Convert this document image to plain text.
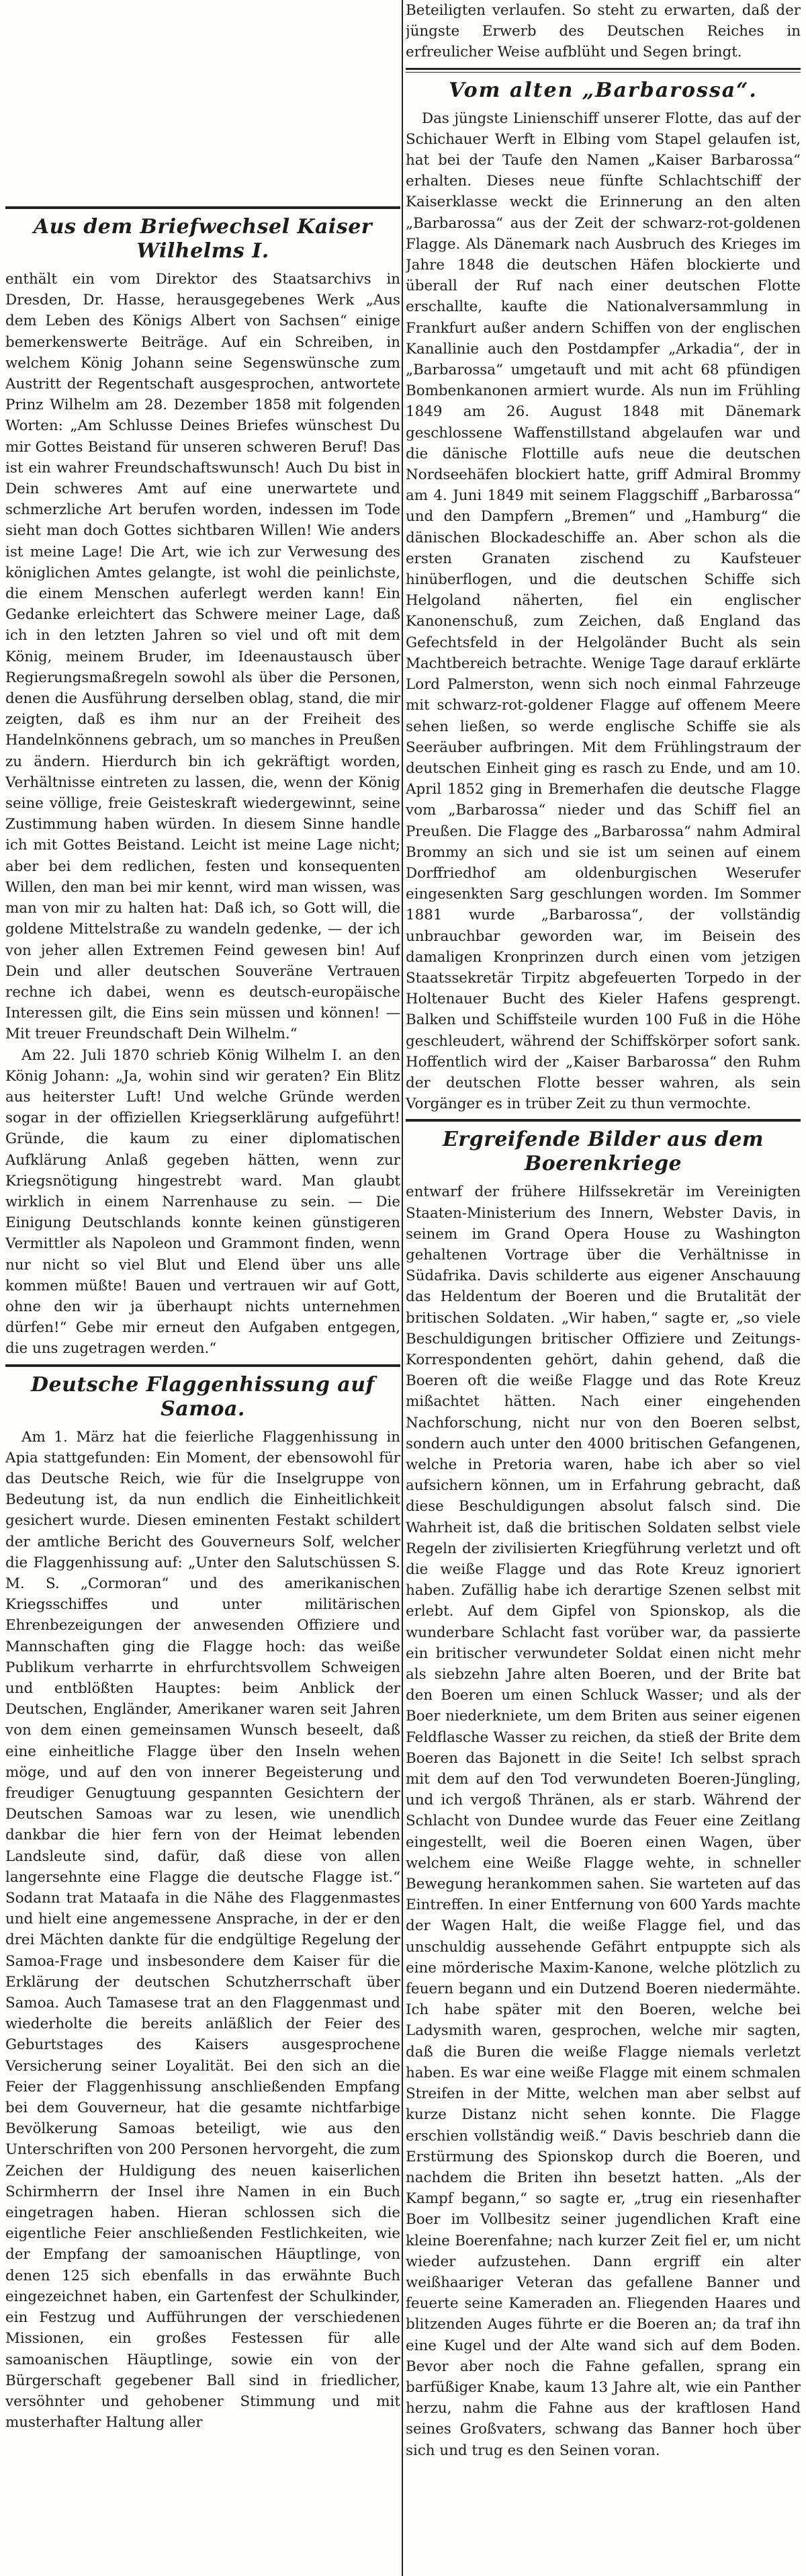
Aus dem Briefwechsel Kaiser Wilhelms I.

enthält ein vom Direktor des Staatsarchivs in Dresden, Dr. Hasse, herausgegebenes Werk „Aus dem Leben des Königs Albert von Sachsen“ einige bemerkenswerte Beiträge. Auf ein Schreiben, in welchem König Johann seine Segenswünsche zum Austritt der Regentschaft ausgesprochen, antwortete Prinz Wilhelm am 28. Dezember 1858 mit folgenden Worten: „Am Schlusse Deines Briefes wünschest Du mir Gottes Beistand für unseren schweren Beruf! Das ist ein wahrer Freundschaftswunsch! Auch Du bist in Dein schweres Amt auf eine unerwartete und schmerzliche Art berufen worden, indessen im Tode sieht man doch Gottes sichtbaren Willen! Wie anders ist meine Lage! Die Art, wie ich zur Verwesung des königlichen Amtes gelangte, ist wohl die peinlichste, die einem Menschen auferlegt werden kann! Ein Gedanke erleichtert das Schwere meiner Lage, daß ich in den letzten Jahren so viel und oft mit dem König, meinem Bruder, im Ideenaustausch über Regierungsmaßregeln sowohl als über die Personen, denen die Ausführung derselben oblag, stand, die mir zeigten, daß es ihm nur an der Freiheit des Handelnkönnens gebrach, um so manches in Preußen zu ändern. Hierdurch bin ich gekräftigt worden, Verhältnisse eintreten zu lassen, die, wenn der König seine völlige, freie Geisteskraft wiedergewinnt, seine Zustimmung haben würden. In diesem Sinne handle ich mit Gottes Beistand. Leicht ist meine Lage nicht; aber bei dem redlichen, festen und konsequenten Willen, den man bei mir kennt, wird man wissen, was man von mir zu halten hat: Daß ich, so Gott will, die goldene Mittelstraße zu wandeln gedenke, — der ich von jeher allen Extremen Feind gewesen bin! Auf Dein und aller deutschen Souveräne Vertrauen rechne ich dabei, wenn es deutsch-europäische Interessen gilt, die Eins sein müssen und können! — Mit treuer Freundschaft Dein Wilhelm.“

Am 22. Juli 1870 schrieb König Wilhelm I. an den König Johann: „Ja, wohin sind wir geraten? Ein Blitz aus heiterster Luft! Und welche Gründe werden sogar in der offiziellen Kriegserklärung aufgeführt! Gründe, die kaum zu einer diplomatischen Aufklärung Anlaß gegeben hätten, wenn zur Kriegsnötigung hingestrebt ward. Man glaubt wirklich in einem Narrenhause zu sein. — Die Einigung Deutschlands konnte keinen günstigeren Vermittler als Napoleon und Grammont finden, wenn nur nicht so viel Blut und Elend über uns alle kommen müßte! Bauen und vertrauen wir auf Gott, ohne den wir ja überhaupt nichts unternehmen dürfen!“ Gebe mir erneut den Aufgaben entgegen, die uns zugetragen werden.“

Deutsche Flaggenhissung auf Samoa.

Am 1. März hat die feierliche Flaggenhissung in Apia stattgefunden: Ein Moment, der ebensowohl für das Deutsche Reich, wie für die Inselgruppe von Bedeutung ist, da nun endlich die Einheitlichkeit gesichert wurde. Diesen eminenten Festakt schildert der amtliche Bericht des Gouverneurs Solf, welcher die Flaggenhissung auf: „Unter den Salutschüssen S. M. S. „Cormoran“ und des amerikanischen Kriegsschiffes und unter militärischen Ehrenbezeigungen der anwesenden Offiziere und Mannschaften ging die Flagge hoch: das weiße Publikum verharrte in ehrfurchtsvollem Schweigen und entblößten Hauptes: beim Anblick der Deutschen, Engländer, Amerikaner waren seit Jahren von dem einen gemeinsamen Wunsch beseelt, daß eine einheitliche Flagge über den Inseln wehen möge, und auf den von innerer Begeisterung und freudiger Genugtuung gespannten Gesichtern der Deutschen Samoas war zu lesen, wie unendlich dankbar die hier fern von der Heimat lebenden Landsleute sind, dafür, daß diese von allen langersehnte eine Flagge die deutsche Flagge ist.“ Sodann trat Mataafa in die Nähe des Flaggenmastes und hielt eine angemessene Ansprache, in der er den drei Mächten dankte für die endgültige Regelung der Samoa-Frage und insbesondere dem Kaiser für die Erklärung der deutschen Schutzherrschaft über Samoa. Auch Tamasese trat an den Flaggenmast und wiederholte die bereits anläßlich der Feier des Geburtstages des Kaisers ausgesprochene Versicherung seiner Loyalität. Bei den sich an die Feier der Flaggenhissung anschließenden Empfang bei dem Gouverneur, hat die gesamte nichtfarbige Bevölkerung Samoas beteiligt, wie aus den Unterschriften von 200 Personen hervorgeht, die zum Zeichen der Huldigung des neuen kaiserlichen Schirmherrn der Insel ihre Namen in ein Buch eingetragen haben. Hieran schlossen sich die eigentliche Feier anschließenden Festlichkeiten, wie der Empfang der samoanischen Häuptlinge, von denen 125 sich ebenfalls in das erwähnte Buch eingezeichnet haben, ein Gartenfest der Schulkinder, ein Festzug und Aufführungen der verschiedenen Missionen, ein großes Festessen für alle samoanischen Häuptlinge, sowie ein von der Bürgerschaft gegebener Ball sind in friedlicher, versöhnter und gehobener Stimmung und mit musterhafter Haltung aller

Beteiligten verlaufen. So steht zu erwarten, daß der jüngste Erwerb des Deutschen Reiches in erfreulicher Weise aufblüht und Segen bringt.

Vom alten „Barbarossa“.

Das jüngste Linienschiff unserer Flotte, das auf der Schichauer Werft in Elbing vom Stapel gelaufen ist, hat bei der Taufe den Namen „Kaiser Barbarossa“ erhalten. Dieses neue fünfte Schlachtschiff der Kaiserklasse weckt die Erinnerung an den alten „Barbarossa“ aus der Zeit der schwarz-rot-goldenen Flagge. Als Dänemark nach Ausbruch des Krieges im Jahre 1848 die deutschen Häfen blockierte und überall der Ruf nach einer deutschen Flotte erschallte, kaufte die Nationalversammlung in Frankfurt außer andern Schiffen von der englischen Kanallinie auch den Postdampfer „Arkadia“, der in „Barbarossa“ umgetauft und mit acht 68 pfündigen Bombenkanonen armiert wurde. Als nun im Frühling 1849 am 26. August 1848 mit Dänemark geschlossene Waffenstillstand abgelaufen war und die dänische Flottille aufs neue die deutschen Nordseehäfen blockiert hatte, griff Admiral Brommy am 4. Juni 1849 mit seinem Flaggschiff „Barbarossa“ und den Dampfern „Bremen“ und „Hamburg“ die dänischen Blockadeschiffe an. Aber schon als die ersten Granaten zischend zu Kaufsteuer hinüberflogen, und die deutschen Schiffe sich Helgoland näherten, fiel ein englischer Kanonenschuß, zum Zeichen, daß England das Gefechtsfeld in der Helgoländer Bucht als sein Machtbereich betrachte. Wenige Tage darauf erklärte Lord Palmerston, wenn sich noch einmal Fahrzeuge mit schwarz-rot-goldener Flagge auf offenem Meere sehen ließen, so werde englische Schiffe sie als Seeräuber aufbringen. Mit dem Frühlingstraum der deutschen Einheit ging es rasch zu Ende, und am 10. April 1852 ging in Bremerhafen die deutsche Flagge vom „Barbarossa“ nieder und das Schiff fiel an Preußen. Die Flagge des „Barbarossa“ nahm Admiral Brommy an sich und sie ist um seinen auf einem Dorffriedhof am oldenburgischen Weserufer eingesenkten Sarg geschlungen worden. Im Sommer 1881 wurde „Barbarossa“, der vollständig unbrauchbar geworden war, im Beisein des damaligen Kronprinzen durch einen vom jetzigen Staatssekretär Tirpitz abgefeuerten Torpedo in der Holtenauer Bucht des Kieler Hafens gesprengt. Balken und Schiffsteile wurden 100 Fuß in die Höhe geschleudert, während der Schiffskörper sofort sank. Hoffentlich wird der „Kaiser Barbarossa“ den Ruhm der deutschen Flotte besser wahren, als sein Vorgänger es in trüber Zeit zu thun vermochte.

Ergreifende Bilder aus dem Boerenkriege

entwarf der frühere Hilfssekretär im Vereinigten Staaten-Ministerium des Innern, Webster Davis, in seinem im Grand Opera House zu Washington gehaltenen Vortrage über die Verhältnisse in Südafrika. Davis schilderte aus eigener Anschauung das Heldentum der Boeren und die Brutalität der britischen Soldaten. „Wir haben,“ sagte er, „so viele Beschuldigungen britischer Offiziere und Zeitungs-Korrespondenten gehört, dahin gehend, daß die Boeren oft die weiße Flagge und das Rote Kreuz mißachtet hätten. Nach einer eingehenden Nachforschung, nicht nur von den Boeren selbst, sondern auch unter den 4000 britischen Gefangenen, welche in Pretoria waren, habe ich aber so viel aufsichern können, um in Erfahrung gebracht, daß diese Beschuldigungen absolut falsch sind. Die Wahrheit ist, daß die britischen Soldaten selbst viele Regeln der zivilisierten Kriegführung verletzt und oft die weiße Flagge und das Rote Kreuz ignoriert haben. Zufällig habe ich derartige Szenen selbst mit erlebt. Auf dem Gipfel von Spionskop, als die wunderbare Schlacht fast vorüber war, da passierte ein britischer verwundeter Soldat einen nicht mehr als siebzehn Jahre alten Boeren, und der Brite bat den Boeren um einen Schluck Wasser; und als der Boer niederkniete, um dem Briten aus seiner eigenen Feldflasche Wasser zu reichen, da stieß der Brite dem Boeren das Bajonett in die Seite! Ich selbst sprach mit dem auf den Tod verwundeten Boeren-Jüngling, und ich vergoß Thränen, als er starb. Während der Schlacht von Dundee wurde das Feuer eine Zeitlang eingestellt, weil die Boeren einen Wagen, über welchem eine Weiße Flagge wehte, in schneller Bewegung herankommen sahen. Sie warteten auf das Eintreffen. In einer Entfernung von 600 Yards machte der Wagen Halt, die weiße Flagge fiel, und das unschuldig aussehende Gefährt entpuppte sich als eine mörderische Maxim-Kanone, welche plötzlich zu feuern begann und ein Dutzend Boeren niedermähte. Ich habe später mit den Boeren, welche bei Ladysmith waren, gesprochen, welche mir sagten, daß die Buren die weiße Flagge niemals verletzt haben. Es war eine weiße Flagge mit einem schmalen Streifen in der Mitte, welchen man aber selbst auf kurze Distanz nicht sehen konnte. Die Flagge erschien vollständig weiß.“ Davis beschrieb dann die Erstürmung des Spionskop durch die Boeren, und nachdem die Briten ihn besetzt hatten. „Als der Kampf begann,“ so sagte er, „trug ein riesenhafter Boer im Vollbesitz seiner jugendlichen Kraft eine kleine Boerenfahne; nach kurzer Zeit fiel er, um nicht wieder aufzustehen. Dann ergriff ein alter weißhaariger Veteran das gefallene Banner und feuerte seine Kameraden an. Fliegenden Haares und blitzenden Auges führte er die Boeren an; da traf ihn eine Kugel und der Alte wand sich auf dem Boden. Bevor aber noch die Fahne gefallen, sprang ein barfüßiger Knabe, kaum 13 Jahre alt, wie ein Panther herzu, nahm die Fahne aus der kraftlosen Hand seines Großvaters, schwang das Banner hoch über sich und trug es den Seinen voran.
